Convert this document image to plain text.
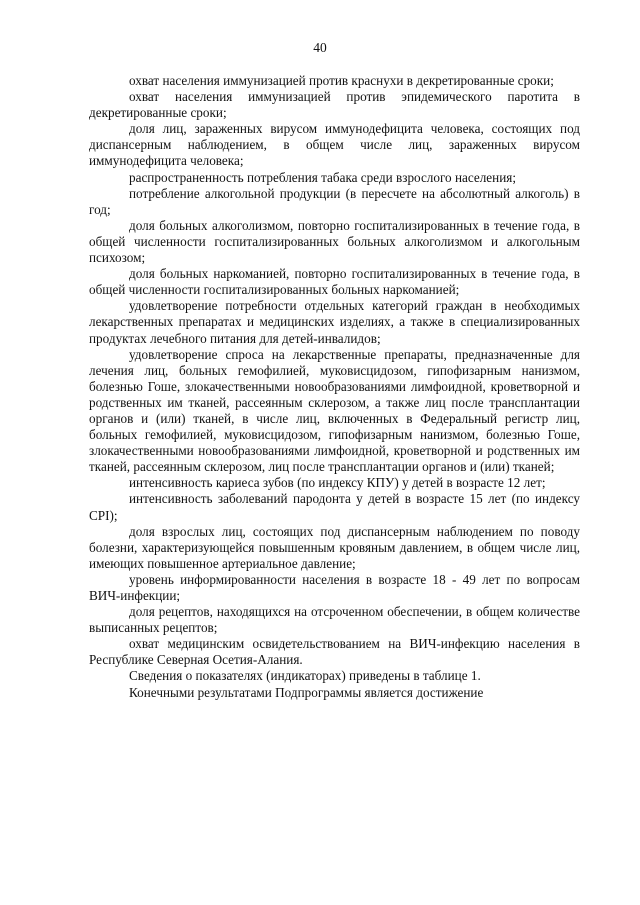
40

охват населения иммунизацией против краснухи в декретированные сроки;

охват населения иммунизацией против эпидемического паротита в декретированные сроки;

доля лиц, зараженных вирусом иммунодефицита человека, состоящих под диспансерным наблюдением, в общем числе лиц, зараженных вирусом иммунодефицита человека;

распространенность потребления табака среди взрослого населения;

потребление алкогольной продукции (в пересчете на абсолютный алкоголь) в год;

доля больных алкоголизмом, повторно госпитализированных в течение года, в общей численности госпитализированных больных алкоголизмом и алкогольным психозом;

доля больных наркоманией, повторно госпитализированных в течение года, в общей численности госпитализированных больных наркоманией;

удовлетворение потребности отдельных категорий граждан в необходимых лекарственных препаратах и медицинских изделиях, а также в специализированных продуктах лечебного питания для детей-инвалидов;

удовлетворение спроса на лекарственные препараты, предназначенные для лечения лиц, больных гемофилией, муковисцидозом, гипофизарным нанизмом, болезнью Гоше, злокачественными новообразованиями лимфоидной, кроветворной и родственных им тканей, рассеянным склерозом, а также лиц после трансплантации органов и (или) тканей, в числе лиц, включенных в Федеральный регистр лиц, больных гемофилией, муковисцидозом, гипофизарным нанизмом, болезнью Гоше, злокачественными новообразованиями лимфоидной, кроветворной и родственных им тканей, рассеянным склерозом, лиц после трансплантации органов и (или) тканей;

интенсивность кариеса зубов (по индексу КПУ) у детей в возрасте 12 лет;

интенсивность заболеваний пародонта у детей в возрасте 15 лет (по индексу СРI);

доля взрослых лиц, состоящих под диспансерным наблюдением по поводу болезни, характеризующейся повышенным кровяным давлением, в общем числе лиц, имеющих повышенное артериальное давление;

уровень информированности населения в возрасте 18 - 49 лет по вопросам ВИЧ-инфекции;

доля рецептов, находящихся на отсроченном обеспечении, в общем количестве выписанных рецептов;

охват медицинским освидетельствованием на ВИЧ-инфекцию населения в Республике Северная Осетия-Алания.

Сведения о показателях (индикаторах) приведены в таблице 1.

Конечными результатами Подпрограммы является достижение
